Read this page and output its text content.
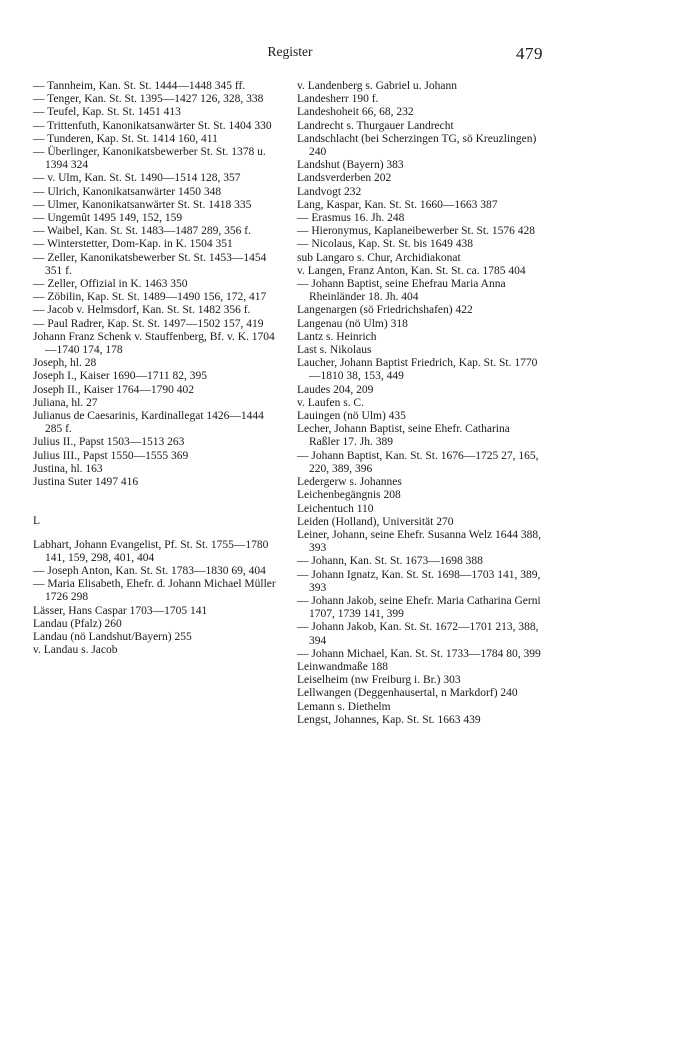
Register	479

— Tannheim, Kan. St. St. 1444—1448 345 ff.

— Tenger, Kan. St. St. 1395—1427 126, 328, 338

— Teufel, Kap. St. St. 1451 413

— Trittenfuth, Kanonikatsanwärter St. St. 1404 330

— Tunderen, Kap. St. St. 1414 160, 411

— Überlinger, Kanonikatsbewerber St. St. 1378 u. 1394 324

— v. Ulm, Kan. St. St. 1490—1514 128, 357

— Ulrich, Kanonikatsanwärter 1450 348

— Ulmer, Kanonikatsanwärter St. St. 1418 335

— Ungemût 1495 149, 152, 159

— Waibel, Kan. St. St. 1483—1487 289, 356 f.

— Winterstetter, Dom-Kap. in K. 1504 351

— Zeller, Kanonikatsbewerber St. St. 1453—1454 351 f.

— Zeller, Offizial in K. 1463 350

— Zöbilin, Kap. St. St. 1489—1490 156, 172, 417

— Jacob v. Helmsdorf, Kan. St. St. 1482 356 f.

— Paul Radrer, Kap. St. St. 1497—1502 157, 419

Johann Franz Schenk v. Stauffenberg, Bf. v. K. 1704—1740 174, 178

Joseph, hl. 28

Joseph I., Kaiser 1690—1711 82, 395

Joseph II., Kaiser 1764—1790 402

Juliana, hl. 27

Julianus de Caesarinis, Kardinallegat 1426—1444 285 f.

Julius II., Papst 1503—1513 263

Julius III., Papst 1550—1555 369

Justina, hl. 163

Justina Suter 1497 416

L

Labhart, Johann Evangelist, Pf. St. St. 1755—1780 141, 159, 298, 401, 404

— Joseph Anton, Kan. St. St. 1783—1830 69, 404

— Maria Elisabeth, Ehefr. d. Johann Michael Müller 1726 298

Lässer, Hans Caspar 1703—1705 141

Landau (Pfalz) 260

Landau (nö Landshut/Bayern) 255

v. Landau s. Jacob

v. Landenberg s. Gabriel u. Johann

Landesherr 190 f.

Landeshoheit 66, 68, 232

Landrecht s. Thurgauer Landrecht

Landschlacht (bei Scherzingen TG, sö Kreuzlingen) 240

Landshut (Bayern) 383

Landsverderben 202

Landvogt 232

Lang, Kaspar, Kan. St. St. 1660—1663 387

— Erasmus 16. Jh. 248

— Hieronymus, Kaplaneibewerber St. St. 1576 428

— Nicolaus, Kap. St. St. bis 1649 438

sub Langaro s. Chur, Archidiakonat

v. Langen, Franz Anton, Kan. St. St. ca. 1785 404

— Johann Baptist, seine Ehefrau Maria Anna Rheinländer 18. Jh. 404

Langenargen (sö Friedrichshafen) 422

Langenau (nö Ulm) 318

Lantz s. Heinrich

Last s. Nikolaus

Laucher, Johann Baptist Friedrich, Kap. St. St. 1770—1810 38, 153, 449

Laudes 204, 209

v. Laufen s. C.

Lauingen (nö Ulm) 435

Lecher, Johann Baptist, seine Ehefr. Catharina Raßler 17. Jh. 389

— Johann Baptist, Kan. St. St. 1676—1725 27, 165, 220, 389, 396

Ledergerw s. Johannes

Leichenbegängnis 208

Leichentuch 110

Leiden (Holland), Universität 270

Leiner, Johann, seine Ehefr. Susanna Welz 1644 388, 393

— Johann, Kan. St. St. 1673—1698 388

— Johann Ignatz, Kan. St. St. 1698—1703 141, 389, 393

— Johann Jakob, seine Ehefr. Maria Catharina Gerni 1707, 1739 141, 399

— Johann Jakob, Kan. St. St. 1672—1701 213, 388, 394

— Johann Michael, Kan. St. St. 1733—1784 80, 399

Leinwandmaße 188

Leiselheim (nw Freiburg i. Br.) 303

Lellwangen (Deggenhausertal, n Markdorf) 240

Lemann s. Diethelm

Lengst, Johannes, Kap. St. St. 1663 439
